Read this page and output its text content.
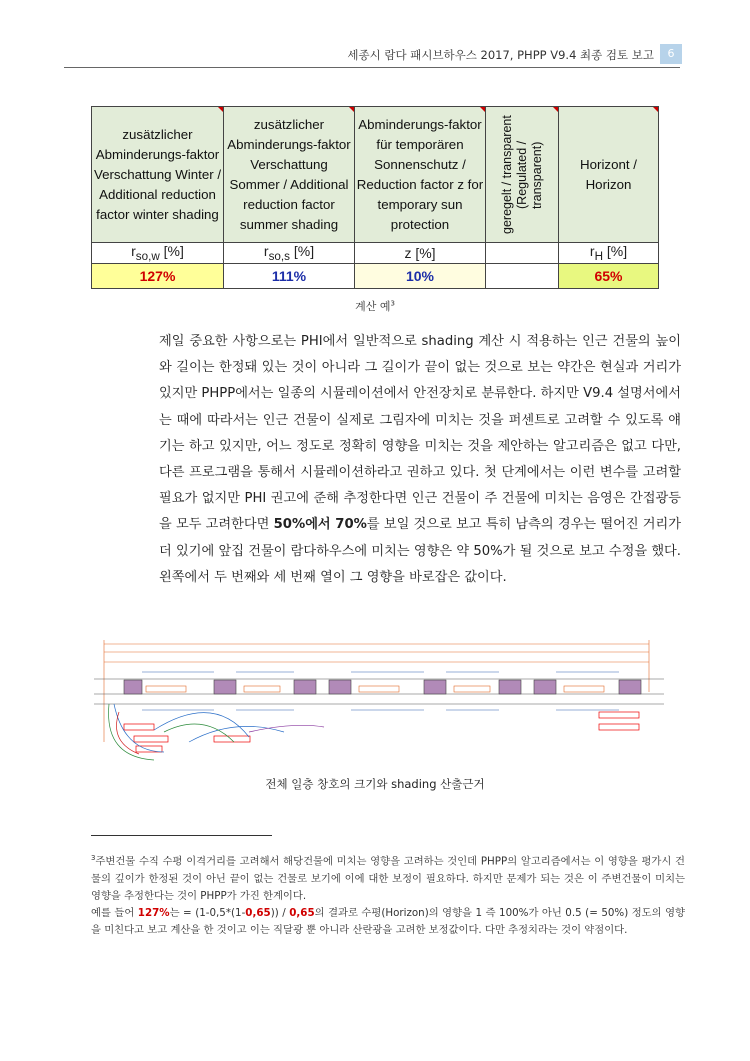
세종시 람다 패시브하우스 2017, PHPP V9.4 최종 검토 보고	6
zusätzlicher Abminderungs-faktor Verschattung Winter / Additional reduction factor winter shading	zusätzlicher Abminderungs-faktor Verschattung Sommer / Additional reduction factor summer shading	Abminderungs-faktor für temporären Sonnenschutz / Reduction factor z for temporary sun protection	geregelt / transparent (Regulated / transparent)	Horizont / Horizon
$r_{so,w}$ [%]	$r_{so,s}$ [%]	z [%]		$r_H$ [%]
127%	111%	10%		65%
계산 예$^3$
제일 중요한 사항으로는 PHI에서 일반적으로 shading 계산 시 적용하는 인근 건물의 높이와 길이는 한정돼 있는 것이 아니라 그 길이가 끝이 없는 것으로 보는 약간은 현실과 거리가 있지만 PHPP에서는 일종의 시뮬레이션에서 안전장치로 분류한다. 하지만 V9.4 설명서에서는 때에 따라서는 인근 건물이 실제로 그림자에 미치는 것을 퍼센트로 고려할 수 있도록 얘기는 하고 있지만, 어느 정도로 정확히 영향을 미치는 것을 제안하는 알고리즘은 없고 다만, 다른 프로그램을 통해서 시뮬레이션하라고 권하고 있다. 첫 단계에서는 이런 변수를 고려할 필요가 없지만 PHI 권고에 준해 추정한다면 인근 건물이 주 건물에 미치는 음영은 간접광등을 모두 고려한다면 50%에서 70%를 보일 것으로 보고 특히 남측의 경우는 떨어진 거리가 더 있기에 앞집 건물이 람다하우스에 미치는 영향은 약 50%가 될 것으로 보고 수정을 했다. 왼쪽에서 두 번째와 세 번째 열이 그 영향을 바로잡은 값이다.
전체 일층 창호의 크기와 shading 산출근거
$^3$주변건물 수직 수평 이격거리를 고려해서 해당건물에 미치는 영향을 고려하는 것인데 PHPP의 알고리즘에서는 이 영향을 평가시 건물의 깊이가 한정된 것이 아닌 끝이 없는 건물로 보기에 이에 대한 보정이 필요하다. 하지만 문제가 되는 것은 이 주변건물이 미치는 영향을 추정한다는 것이 PHPP가 가진 한계이다.
예를 들어 127%는 = (1-0,5*(1-0,65)) / 0,65의 결과로 수평(Horizon)의 영향을 1 즉 100%가 아닌 0.5 (= 50%) 정도의 영향을 미친다고 보고 계산을 한 것이고 이는 직달광 뿐 아니라 산란광을 고려한 보정값이다. 다만 추정치라는 것이 약점이다.
